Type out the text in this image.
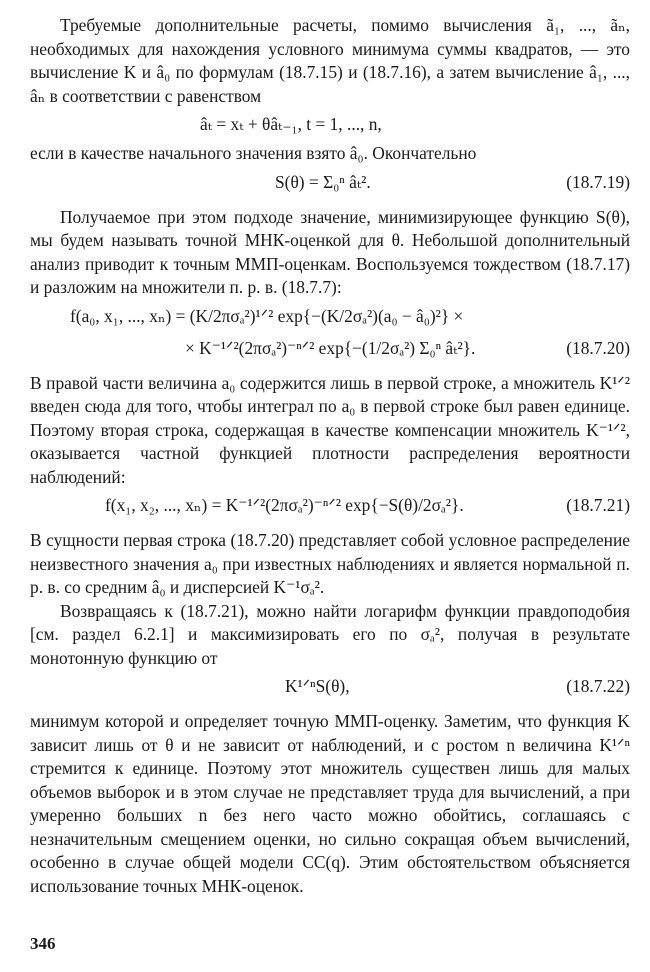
Требуемые дополнительные расчеты, помимо вычисления ã₁, ..., ãₙ, необходимых для нахождения условного минимума суммы квадратов, — это вычисление K и â₀ по формулам (18.7.15) и (18.7.16), а затем вычисление â₁, ..., âₙ в соответствии с равенством

âₜ = xₜ + θâₜ₋₁, t = 1, ..., n,

если в качестве начального значения взято â₀. Окончательно

S(θ) = Σ₀ⁿ âₜ².	(18.7.19)

Получаемое при этом подходе значение, минимизирующее функцию S(θ), мы будем называть точной МНК-оценкой для θ. Небольшой дополнительный анализ приводит к точным ММП-оценкам. Воспользуемся тождеством (18.7.17) и разложим на множители п. р. в. (18.7.7):

f(a₀, x₁, ..., xₙ) = (K/2πσₐ²)¹ᐟ² exp{−(K/2σₐ²)(a₀ − â₀)²} ×
× K⁻¹ᐟ²(2πσₐ²)⁻ⁿᐟ² exp{−(1/2σₐ²) Σ₀ⁿ âₜ²}.	(18.7.20)

В правой части величина a₀ содержится лишь в первой строке, а множитель K¹ᐟ² введен сюда для того, чтобы интеграл по a₀ в первой строке был равен единице. Поэтому вторая строка, содержащая в качестве компенсации множитель K⁻¹ᐟ², оказывается частной функцией плотности распределения вероятности наблюдений:

f(x₁, x₂, ..., xₙ) = K⁻¹ᐟ²(2πσₐ²)⁻ⁿᐟ² exp{−S(θ)/2σₐ²}.	(18.7.21)

В сущности первая строка (18.7.20) представляет собой условное распределение неизвестного значения a₀ при известных наблюдениях и является нормальной п. р. в. со средним â₀ и дисперсией K⁻¹σₐ².

Возвращаясь к (18.7.21), можно найти логарифм функции правдоподобия [см. раздел 6.2.1] и максимизировать его по σₐ², получая в результате монотонную функцию от

K¹ᐟⁿS(θ),	(18.7.22)

минимум которой и определяет точную ММП-оценку. Заметим, что функция K зависит лишь от θ и не зависит от наблюдений, и с ростом n величина K¹ᐟⁿ стремится к единице. Поэтому этот множитель существен лишь для малых объемов выборок и в этом случае не представляет труда для вычислений, а при умеренно больших n без него часто можно обойтись, соглашаясь с незначительным смещением оценки, но сильно сокращая объем вычислений, особенно в случае общей модели СС(q). Этим обстоятельством объясняется использование точных МНК-оценок.

346
